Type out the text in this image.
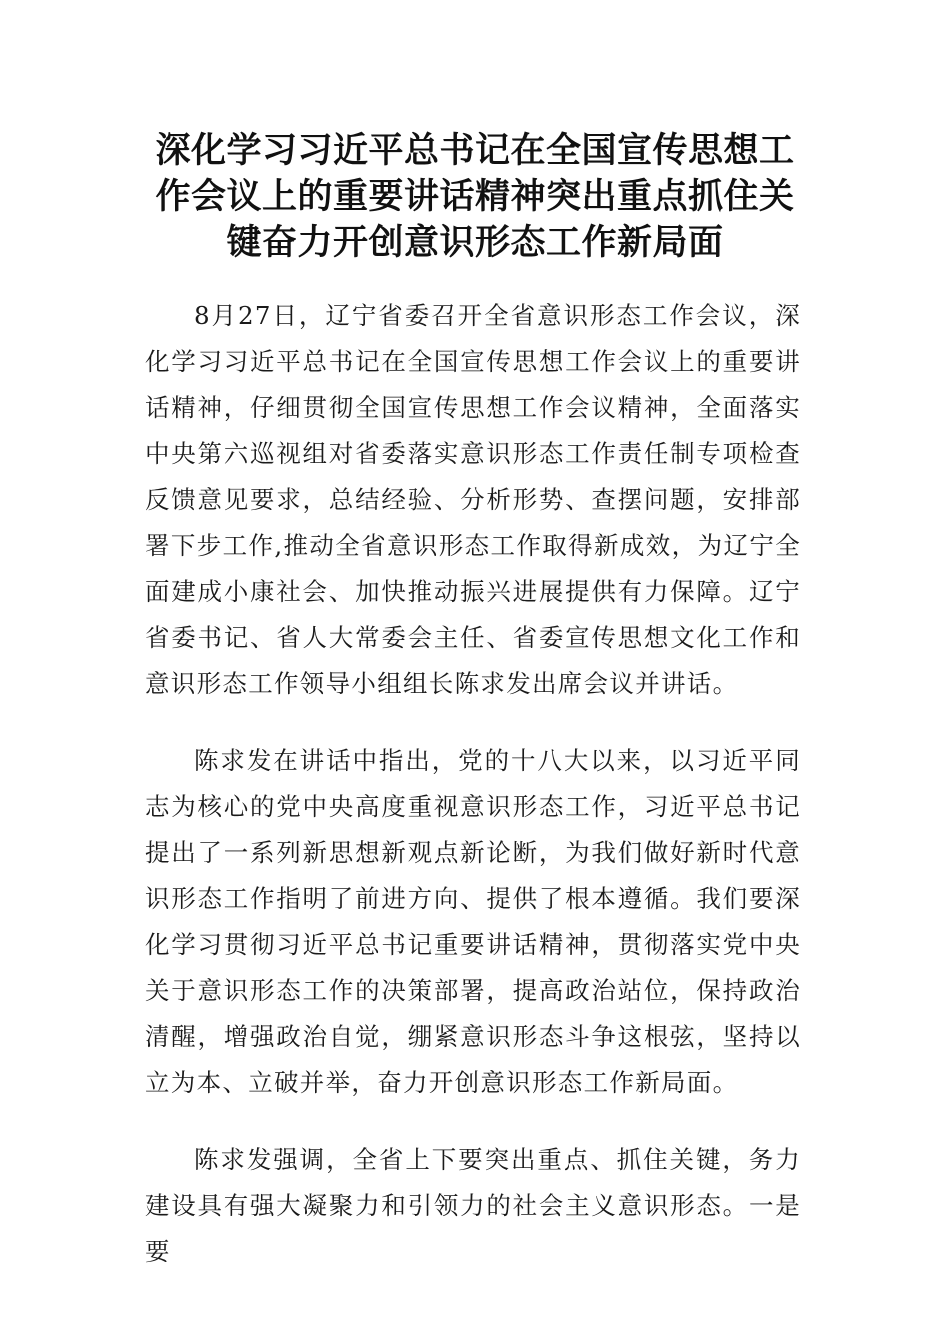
深化学习习近平总书记在全国宣传思想工作会议上的重要讲话精神突出重点抓住关键奋力开创意识形态工作新局面

8月27日，辽宁省委召开全省意识形态工作会议，深化学习习近平总书记在全国宣传思想工作会议上的重要讲话精神，仔细贯彻全国宣传思想工作会议精神，全面落实中央第六巡视组对省委落实意识形态工作责任制专项检查反馈意见要求，总结经验、分析形势、查摆问题，安排部署下步工作,推动全省意识形态工作取得新成效，为辽宁全面建成小康社会、加快推动振兴进展提供有力保障。辽宁省委书记、省人大常委会主任、省委宣传思想文化工作和意识形态工作领导小组组长陈求发出席会议并讲话。

陈求发在讲话中指出，党的十八大以来，以习近平同志为核心的党中央高度重视意识形态工作，习近平总书记提出了一系列新思想新观点新论断，为我们做好新时代意识形态工作指明了前进方向、提供了根本遵循。我们要深化学习贯彻习近平总书记重要讲话精神，贯彻落实党中央关于意识形态工作的决策部署，提高政治站位，保持政治清醒，增强政治自觉，绷紧意识形态斗争这根弦，坚持以立为本、立破并举，奋力开创意识形态工作新局面。

陈求发强调，全省上下要突出重点、抓住关键，务力建设具有强大凝聚力和引领力的社会主义意识形态。一是要
